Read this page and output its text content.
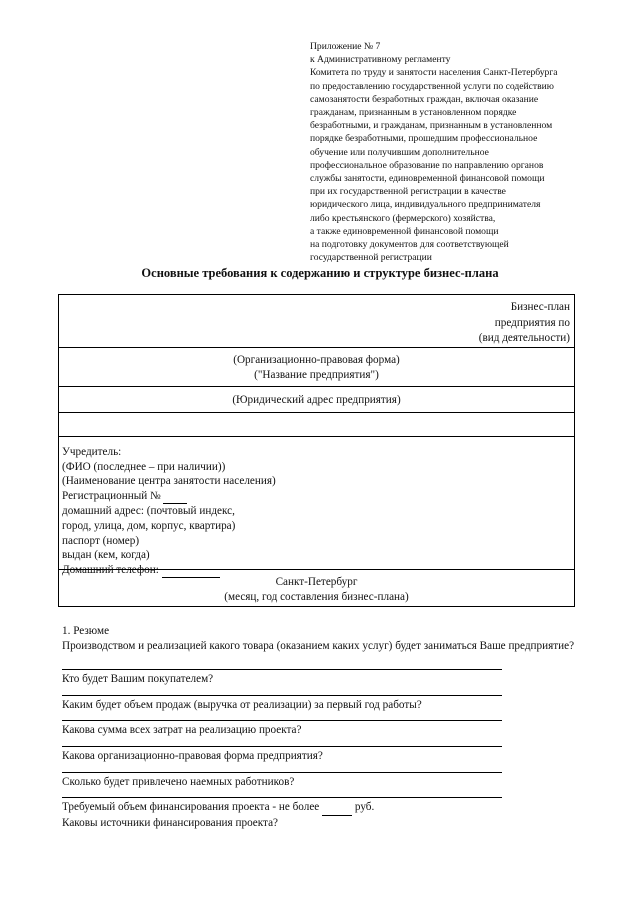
Приложение № 7
к Административному регламенту
Комитета по труду и занятости населения Санкт-Петербурга
по предоставлению государственной услуги по содействию
самозанятости безработных граждан, включая оказание
гражданам, признанным в установленном порядке
безработными, и гражданам, признанным в установленном
порядке безработными, прошедшим профессиональное
обучение или получившим дополнительное
профессиональное образование по направлению органов
службы занятости, единовременной финансовой помощи
при их государственной регистрации в качестве
юридического лица, индивидуального предпринимателя
либо крестьянского (фермерского) хозяйства,
а также единовременной финансовой помощи
на подготовку документов для соответствующей
государственной регистрации
Основные требования к содержанию и структуре бизнес-плана
Бизнес-план
предприятия по
(вид деятельности)
(Организационно-правовая форма)
("Название предприятия")
(Юридический адрес предприятия)
Учредитель:
(ФИО (последнее – при наличии))
(Наименование центра занятости населения)
Регистрационный №
домашний адрес: (почтовый индекс,
город, улица, дом, корпус, квартира)
паспорт (номер)
выдан (кем, когда)
Домашний телефон:
Санкт-Петербург
(месяц, год составления бизнес-плана)
1. Резюме
Производством и реализацией какого товара (оказанием каких услуг) будет заниматься Ваше предприятие?
Кто будет Вашим покупателем?
Каким будет объем продаж (выручка от реализации) за первый год работы?
Какова сумма всех затрат на реализацию проекта?
Какова организационно-правовая форма предприятия?
Сколько будет привлечено наемных работников?
Требуемый объем финансирования проекта - не более	руб.
Каковы источники финансирования проекта?
